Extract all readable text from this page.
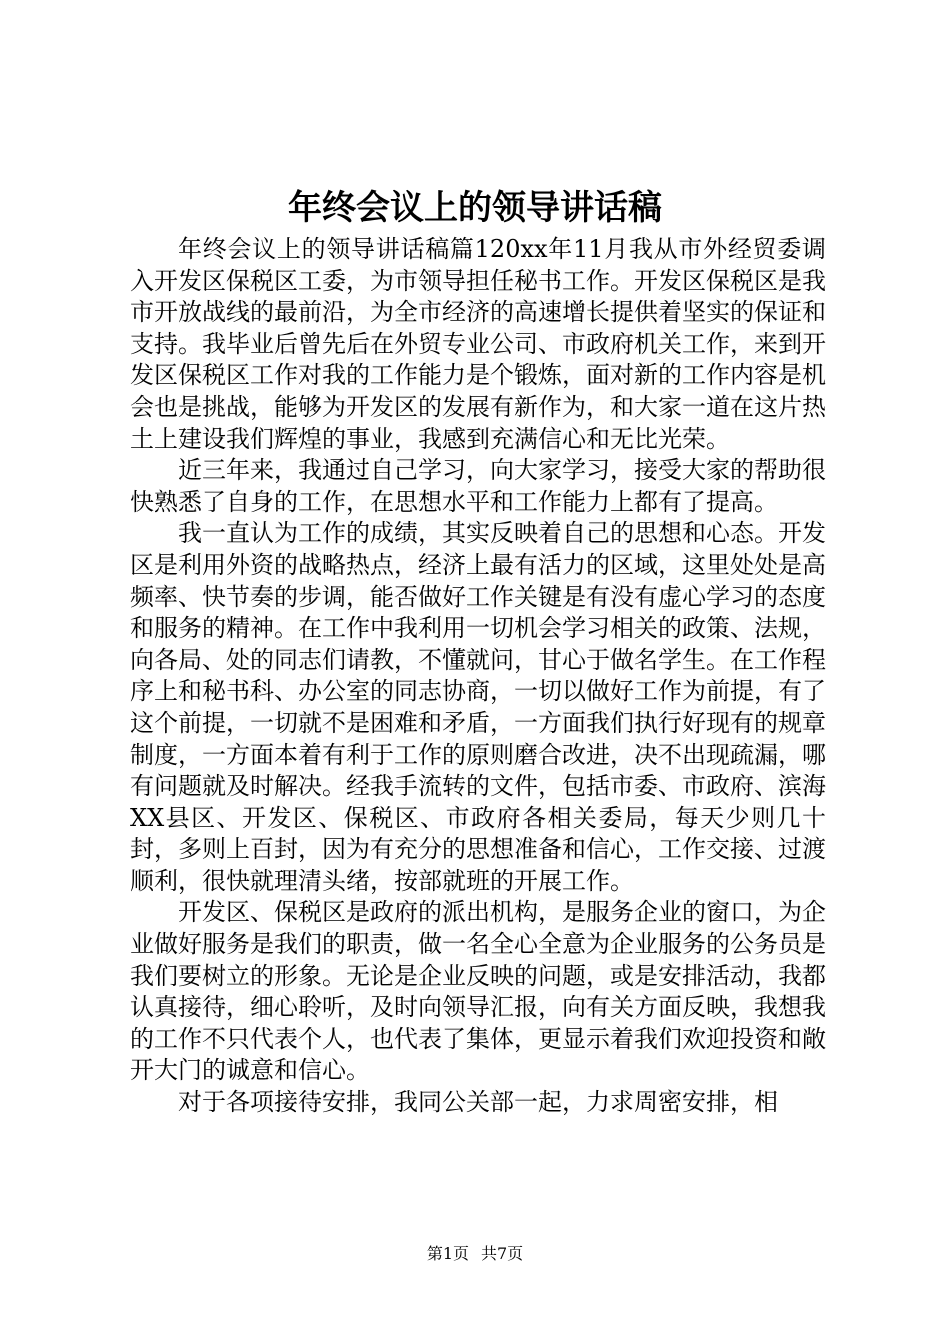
年终会议上的领导讲话稿

年终会议上的领导讲话稿篇120xx年11月我从市外经贸委调入开发区保税区工委，为市领导担任秘书工作。开发区保税区是我市开放战线的最前沿，为全市经济的高速增长提供着坚实的保证和支持。我毕业后曾先后在外贸专业公司、市政府机关工作，来到开发区保税区工作对我的工作能力是个锻炼，面对新的工作内容是机会也是挑战，能够为开发区的发展有新作为，和大家一道在这片热土上建设我们辉煌的事业，我感到充满信心和无比光荣。

近三年来，我通过自己学习，向大家学习，接受大家的帮助很快熟悉了自身的工作，在思想水平和工作能力上都有了提高。

我一直认为工作的成绩，其实反映着自己的思想和心态。开发区是利用外资的战略热点，经济上最有活力的区域，这里处处是高频率、快节奏的步调，能否做好工作关键是有没有虚心学习的态度和服务的精神。在工作中我利用一切机会学习相关的政策、法规，向各局、处的同志们请教，不懂就问，甘心于做名学生。在工作程序上和秘书科、办公室的同志协商，一切以做好工作为前提，有了这个前提，一切就不是困难和矛盾，一方面我们执行好现有的规章制度，一方面本着有利于工作的原则磨合改进，决不出现疏漏，哪有问题就及时解决。经我手流转的文件，包括市委、市政府、滨海XX县区、开发区、保税区、市政府各相关委局，每天少则几十封，多则上百封，因为有充分的思想准备和信心，工作交接、过渡顺利，很快就理清头绪，按部就班的开展工作。

开发区、保税区是政府的派出机构，是服务企业的窗口，为企业做好服务是我们的职责，做一名全心全意为企业服务的公务员是我们要树立的形象。无论是企业反映的问题，或是安排活动，我都认真接待，细心聆听，及时向领导汇报，向有关方面反映，我想我的工作不只代表个人，也代表了集体，更显示着我们欢迎投资和敞开大门的诚意和信心。

对于各项接待安排，我同公关部一起，力求周密安排，相

第1页 共7页
